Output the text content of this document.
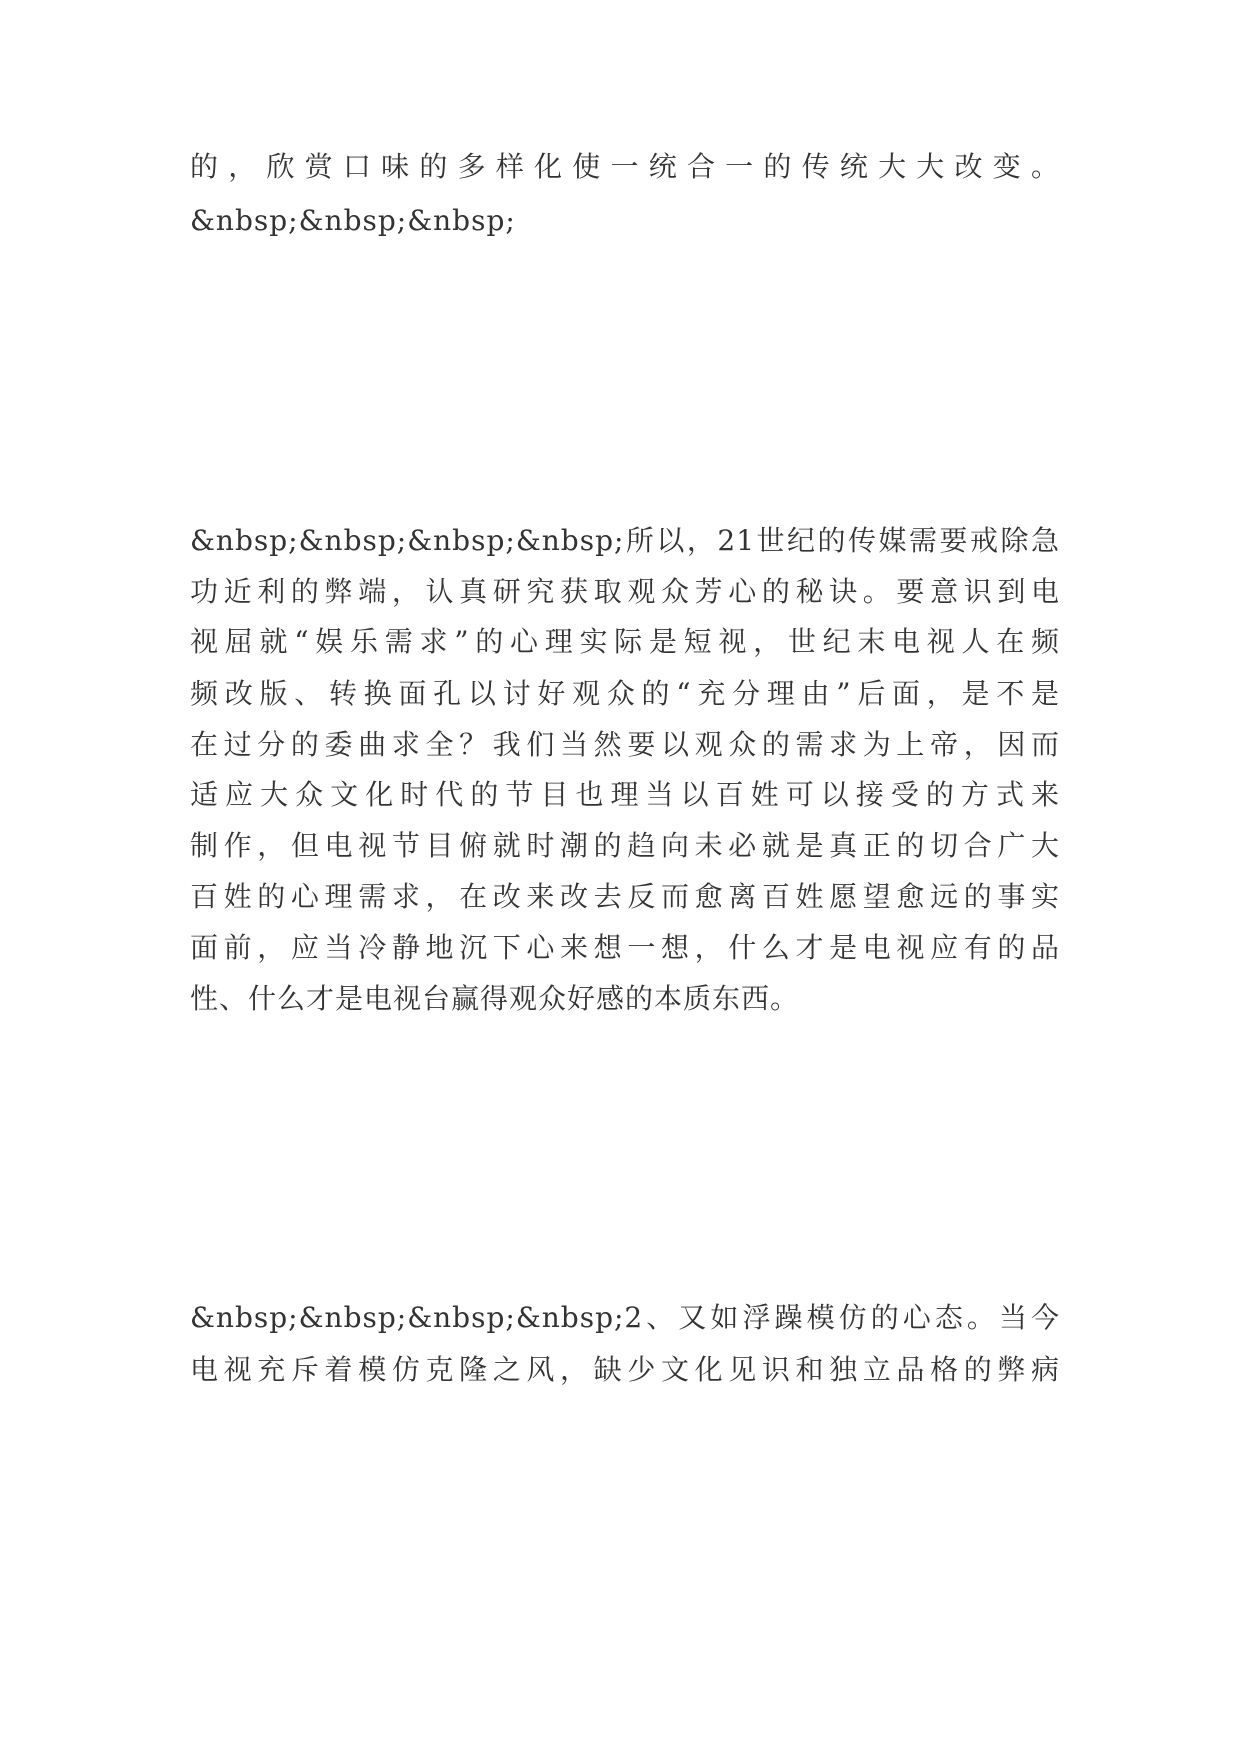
的，欣赏口味的多样化使一统合一的传统大大改变。
&nbsp;&nbsp;&nbsp;
&nbsp;&nbsp;&nbsp;&nbsp;所以，21世纪的传媒需要戒除急
功近利的弊端，认真研究获取观众芳心的秘诀。要意识到电
视屈就“娱乐需求”的心理实际是短视，世纪末电视人在频
频改版、转换面孔以讨好观众的“充分理由”后面，是不是
在过分的委曲求全？我们当然要以观众的需求为上帝，因而
适应大众文化时代的节目也理当以百姓可以接受的方式来
制作，但电视节目俯就时潮的趋向未必就是真正的切合广大
百姓的心理需求，在改来改去反而愈离百姓愿望愈远的事实
面前，应当冷静地沉下心来想一想，什么才是电视应有的品
性、什么才是电视台赢得观众好感的本质东西。
&nbsp;&nbsp;&nbsp;&nbsp;2、又如浮躁模仿的心态。当今
电视充斥着模仿克隆之风，缺少文化见识和独立品格的弊病
